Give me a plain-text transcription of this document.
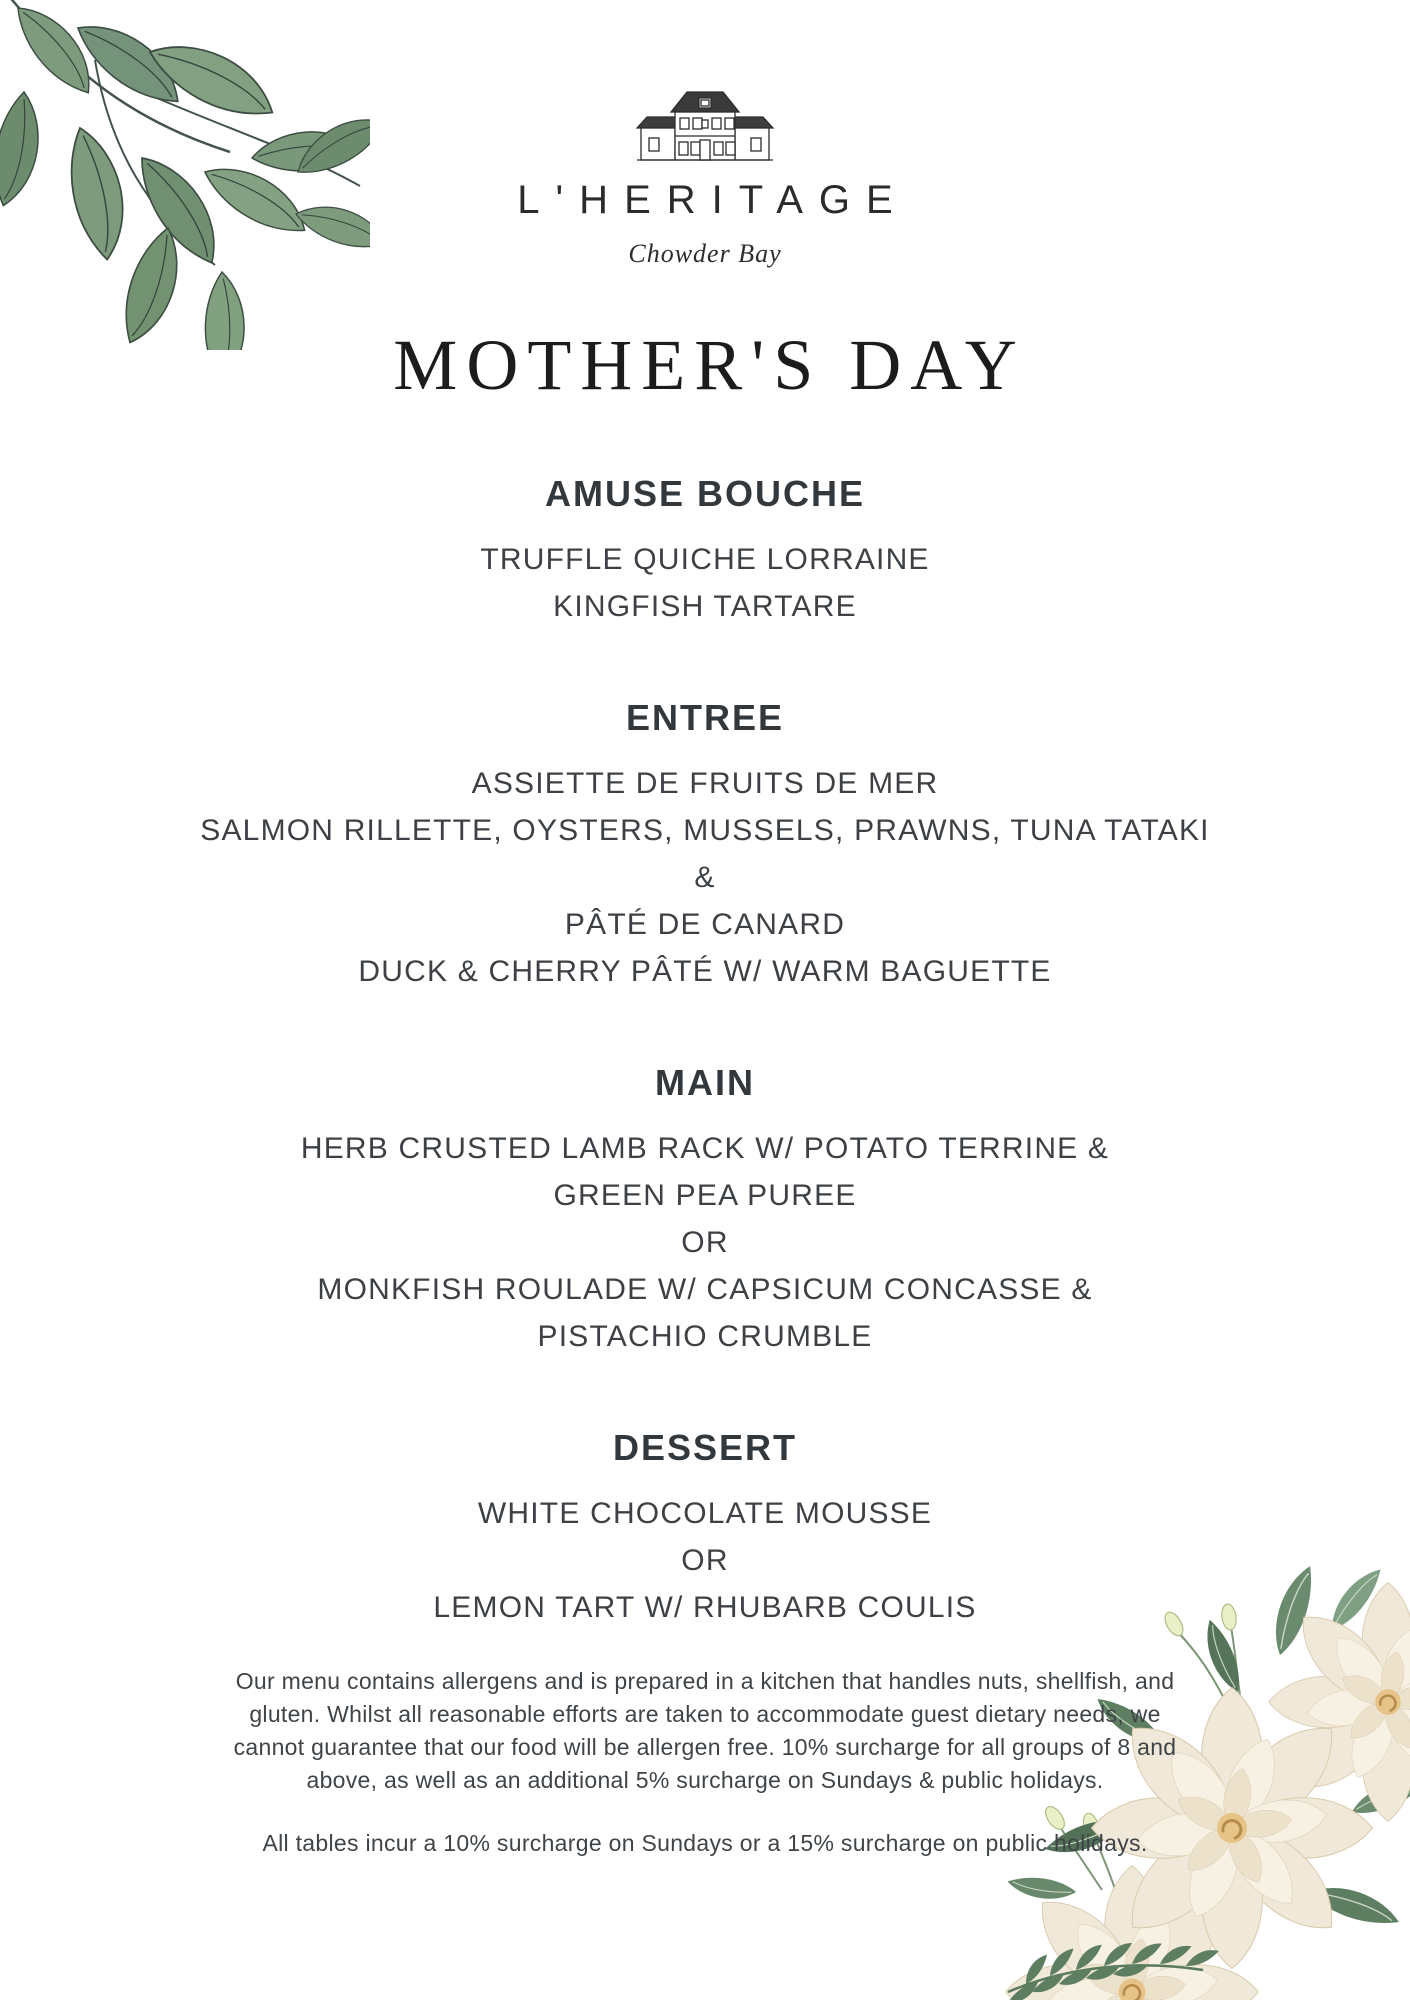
L'HERITAGE
Chowder Bay
MOTHER'S DAY
AMUSE BOUCHE
TRUFFLE QUICHE LORRAINE
KINGFISH TARTARE
ENTREE
ASSIETTE DE FRUITS DE MER
SALMON RILLETTE, OYSTERS, MUSSELS, PRAWNS, TUNA TATAKI
&
PÂTÉ DE CANARD
DUCK & CHERRY PÂTÉ W/ WARM BAGUETTE
MAIN
HERB CRUSTED LAMB RACK W/ POTATO TERRINE &
GREEN PEA PUREE
OR
MONKFISH ROULADE W/ CAPSICUM CONCASSE &
PISTACHIO CRUMBLE
DESSERT
WHITE CHOCOLATE MOUSSE
OR
LEMON TART W/ RHUBARB COULIS

Our menu contains allergens and is prepared in a kitchen that handles nuts, shellfish, and gluten. Whilst all reasonable efforts are taken to accommodate guest dietary needs, we cannot guarantee that our food will be allergen free. 10% surcharge for all groups of 8 and above, as well as an additional 5% surcharge on Sundays & public holidays.

All tables incur a 10% surcharge on Sundays or a 15% surcharge on public holidays.
